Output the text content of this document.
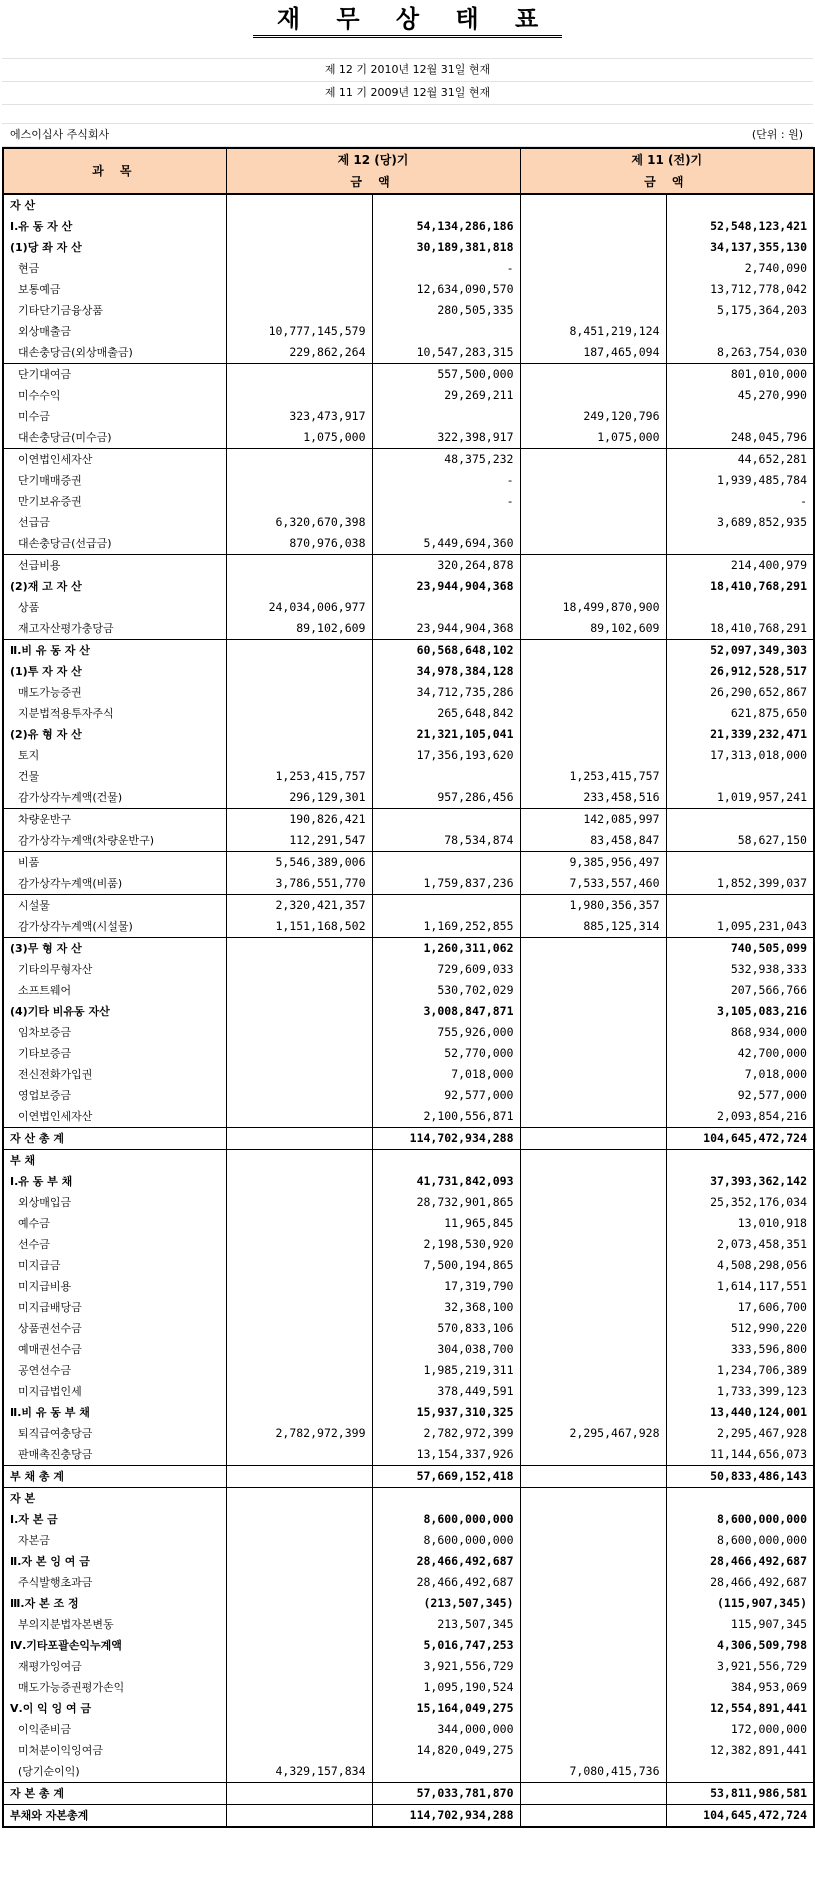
재 무 상 태 표
제 12 기 2010년 12월 31일 현재
제 11 기 2009년 12월 31일 현재
에스이십사 주식회사	(단위 : 원)
과 목	제 12 (당)기		제 11 (전)기	
	금 액		금 액	
자 산				
Ⅰ.유 동 자 산		54,134,286,186		52,548,123,421
(1)당 좌 자 산		30,189,381,818		34,137,355,130
현금		-		2,740,090
보통예금		12,634,090,570		13,712,778,042
기타단기금융상품		280,505,335		5,175,364,203
외상매출금	10,777,145,579		8,451,219,124	
대손충당금(외상매출금)	229,862,264	10,547,283,315	187,465,094	8,263,754,030
단기대여금		557,500,000		801,010,000
미수수익		29,269,211		45,270,990
미수금	323,473,917		249,120,796	
대손충당금(미수금)	1,075,000	322,398,917	1,075,000	248,045,796
이연법인세자산		48,375,232		44,652,281
단기매매증권		-		1,939,485,784
만기보유증권		-		-
선급금	6,320,670,398			3,689,852,935
대손충당금(선급금)	870,976,038	5,449,694,360		
선급비용		320,264,878		214,400,979
(2)재 고 자 산		23,944,904,368		18,410,768,291
상품	24,034,006,977		18,499,870,900	
재고자산평가충당금	89,102,609	23,944,904,368	89,102,609	18,410,768,291
Ⅱ.비 유 동 자 산		60,568,648,102		52,097,349,303
(1)투 자 자 산		34,978,384,128		26,912,528,517
매도가능증권		34,712,735,286		26,290,652,867
지분법적용투자주식		265,648,842		621,875,650
(2)유 형 자 산		21,321,105,041		21,339,232,471
토지		17,356,193,620		17,313,018,000
건물	1,253,415,757		1,253,415,757	
감가상각누계액(건물)	296,129,301	957,286,456	233,458,516	1,019,957,241
차량운반구	190,826,421		142,085,997	
감가상각누계액(차량운반구)	112,291,547	78,534,874	83,458,847	58,627,150
비품	5,546,389,006		9,385,956,497	
감가상각누계액(비품)	3,786,551,770	1,759,837,236	7,533,557,460	1,852,399,037
시설물	2,320,421,357		1,980,356,357	
감가상각누계액(시설물)	1,151,168,502	1,169,252,855	885,125,314	1,095,231,043
(3)무 형 자 산		1,260,311,062		740,505,099
기타의무형자산		729,609,033		532,938,333
소프트웨어		530,702,029		207,566,766
(4)기타 비유동 자산		3,008,847,871		3,105,083,216
임차보증금		755,926,000		868,934,000
기타보증금		52,770,000		42,700,000
전신전화가입권		7,018,000		7,018,000
영업보증금		92,577,000		92,577,000
이연법인세자산		2,100,556,871		2,093,854,216
자 산 총 계		114,702,934,288		104,645,472,724
부 채				
Ⅰ.유 동 부 채		41,731,842,093		37,393,362,142
외상매입금		28,732,901,865		25,352,176,034
예수금		11,965,845		13,010,918
선수금		2,198,530,920		2,073,458,351
미지급금		7,500,194,865		4,508,298,056
미지급비용		17,319,790		1,614,117,551
미지급배당금		32,368,100		17,606,700
상품권선수금		570,833,106		512,990,220
예매권선수금		304,038,700		333,596,800
공연선수금		1,985,219,311		1,234,706,389
미지급법인세		378,449,591		1,733,399,123
Ⅱ.비 유 동 부 채		15,937,310,325		13,440,124,001
퇴직급여충당금	2,782,972,399	2,782,972,399	2,295,467,928	2,295,467,928
판매촉진충당금		13,154,337,926		11,144,656,073
부 채 총 계		57,669,152,418		50,833,486,143
자 본				
Ⅰ.자 본 금		8,600,000,000		8,600,000,000
자본금		8,600,000,000		8,600,000,000
Ⅱ.자 본 잉 여 금		28,466,492,687		28,466,492,687
주식발행초과금		28,466,492,687		28,466,492,687
Ⅲ.자 본 조 정		(213,507,345)		(115,907,345)
부의지분법자본변동		213,507,345		115,907,345
Ⅳ.기타포괄손익누계액		5,016,747,253		4,306,509,798
재평가잉여금		3,921,556,729		3,921,556,729
매도가능증권평가손익		1,095,190,524		384,953,069
Ⅴ.이 익 잉 여 금		15,164,049,275		12,554,891,441
이익준비금		344,000,000		172,000,000
미처분이익잉여금		14,820,049,275		12,382,891,441
(당기순이익)	4,329,157,834		7,080,415,736	
자 본 총 계		57,033,781,870		53,811,986,581
부채와 자본총계		114,702,934,288		104,645,472,724
